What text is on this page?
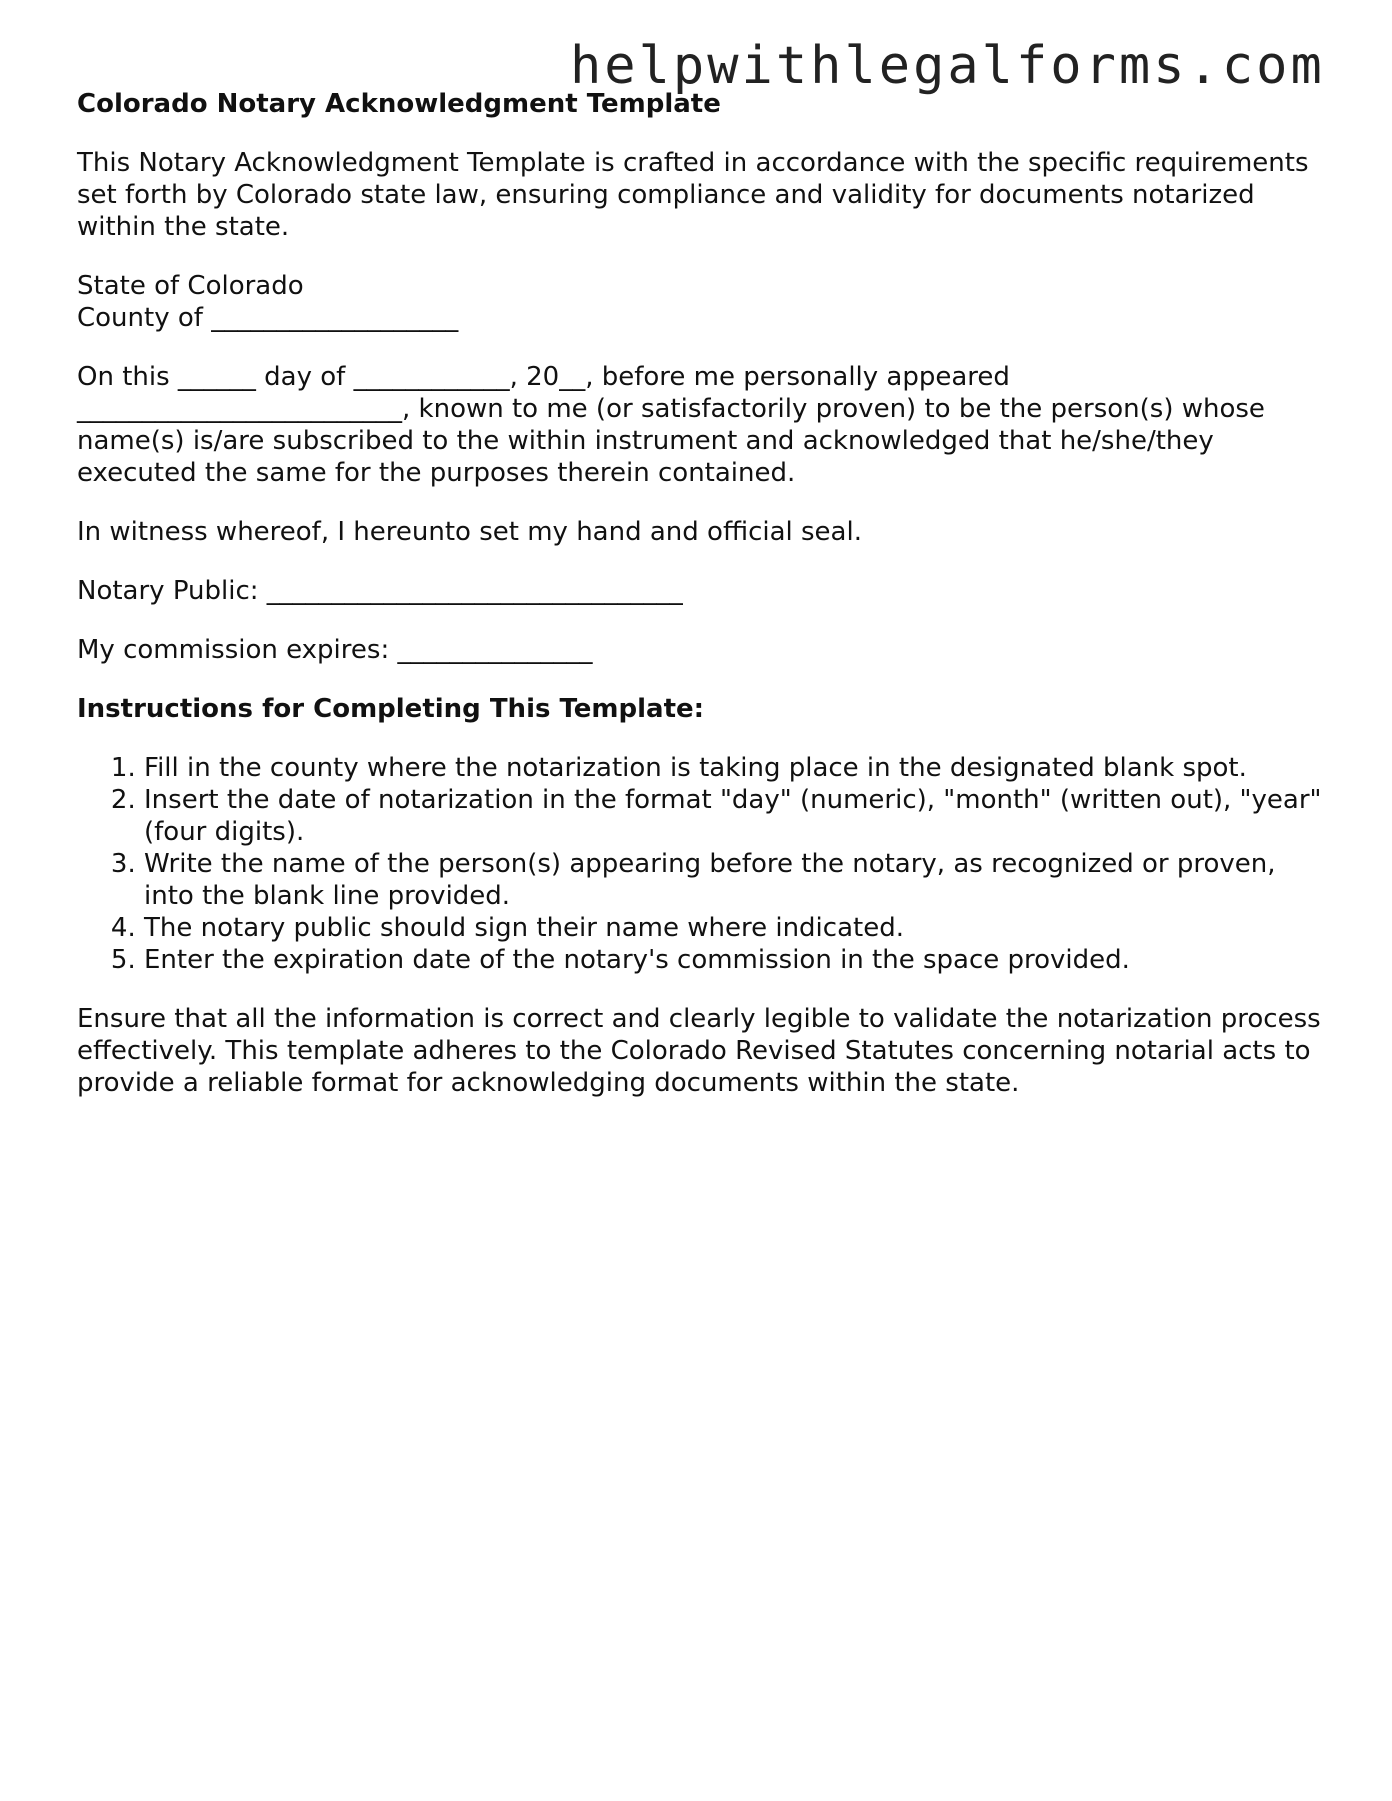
helpwithlegalforms.com
Colorado Notary Acknowledgment Template

This Notary Acknowledgment Template is crafted in accordance with the specific requirements set forth by Colorado state law, ensuring compliance and validity for documents notarized within the state.

State of Colorado
County of ___________________

On this ______ day of ____________, 20__, before me personally appeared _________________________, known to me (or satisfactorily proven) to be the person(s) whose name(s) is/are subscribed to the within instrument and acknowledged that he/she/they executed the same for the purposes therein contained.

In witness whereof, I hereunto set my hand and official seal.

Notary Public: ________________________________

My commission expires: _______________

Instructions for Completing This Template:
1. Fill in the county where the notarization is taking place in the designated blank spot.
2. Insert the date of notarization in the format "day" (numeric), "month" (written out), "year" (four digits).
3. Write the name of the person(s) appearing before the notary, as recognized or proven, into the blank line provided.
4. The notary public should sign their name where indicated.
5. Enter the expiration date of the notary's commission in the space provided.

Ensure that all the information is correct and clearly legible to validate the notarization process effectively. This template adheres to the Colorado Revised Statutes concerning notarial acts to provide a reliable format for acknowledging documents within the state.
